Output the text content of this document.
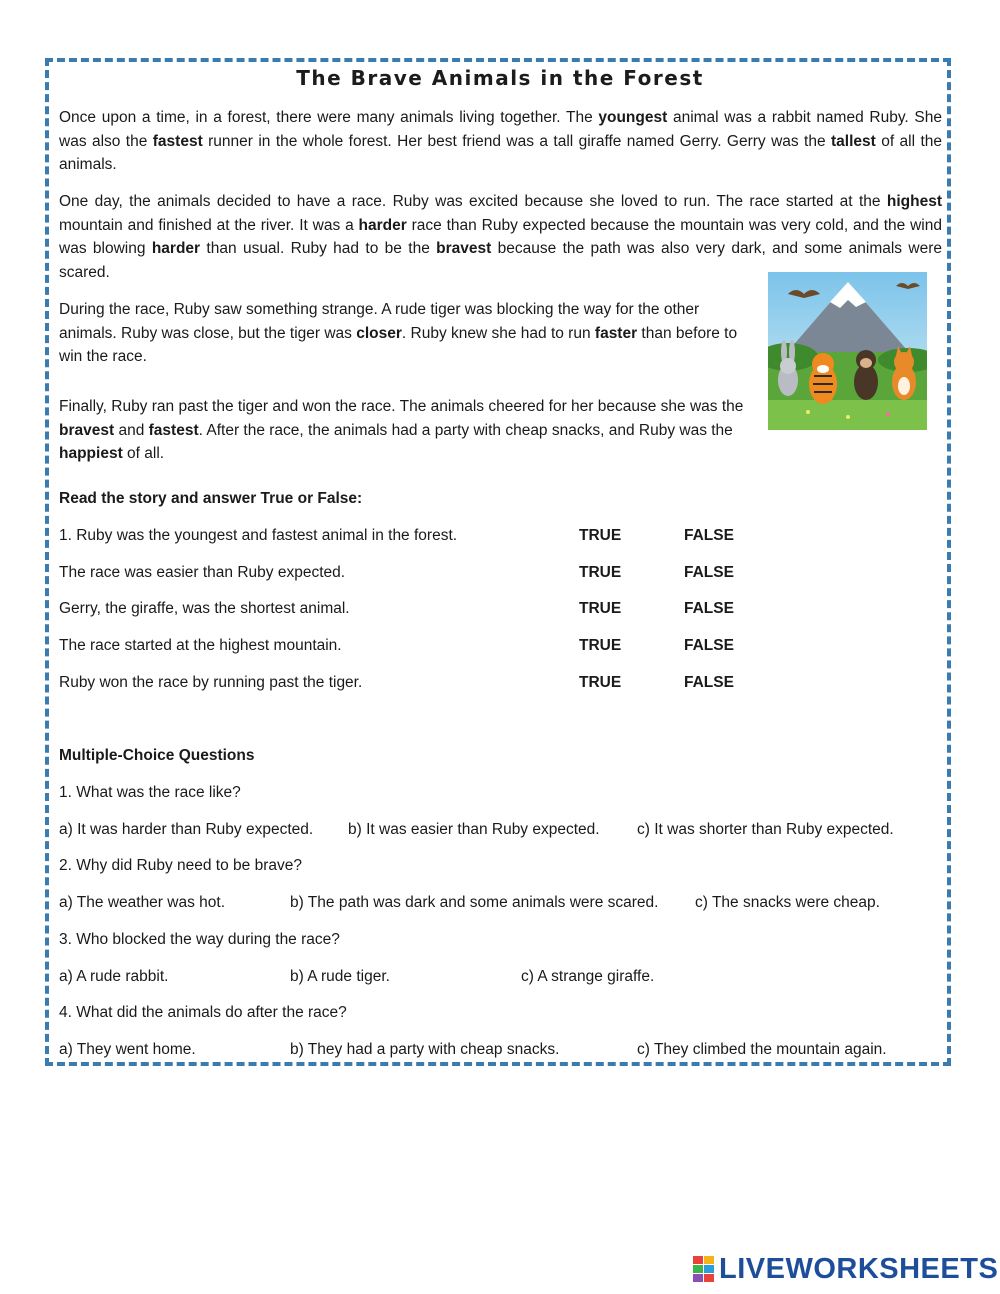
The Brave Animals in the Forest

Once upon a time, in a forest, there were many animals living together. The youngest animal was a rabbit named Ruby. She was also the fastest runner in the whole forest. Her best friend was a tall giraffe named Gerry. Gerry was the tallest of all the animals.

One day, the animals decided to have a race. Ruby was excited because she loved to run. The race started at the highest mountain and finished at the river. It was a harder race than Ruby expected because the mountain was very cold, and the wind was blowing harder than usual. Ruby had to be the bravest because the path was also very dark, and some animals were scared.

During the race, Ruby saw something strange. A rude tiger was blocking the way for the other animals. Ruby was close, but the tiger was closer. Ruby knew she had to run faster than before to win the race.

Finally, Ruby ran past the tiger and won the race. The animals cheered for her because she was the bravest and fastest. After the race, the animals had a party with cheap snacks, and Ruby was the happiest of all.

Read the story and answer True or False:
1. Ruby was the youngest and fastest animal in the forest.	TRUE	FALSE
The race was easier than Ruby expected.	TRUE	FALSE
Gerry, the giraffe, was the shortest animal.	TRUE	FALSE
The race started at the highest mountain.	TRUE	FALSE
Ruby won the race by running past the tiger.	TRUE	FALSE
Multiple-Choice Questions
1. What was the race like?
a) It was harder than Ruby expected. b) It was easier than Ruby expected. c) It was shorter than Ruby expected.
2. Why did Ruby need to be brave?
a) The weather was hot.	b) The path was dark and some animals were scared. c) The snacks were cheap.
3. Who blocked the way during the race?
a) A rude rabbit.	b) A rude tiger.	c) A strange giraffe.
4. What did the animals do after the race?
a) They went home.	b) They had a party with cheap snacks.	c) They climbed the mountain again.
LIVEWORKSHEETS
